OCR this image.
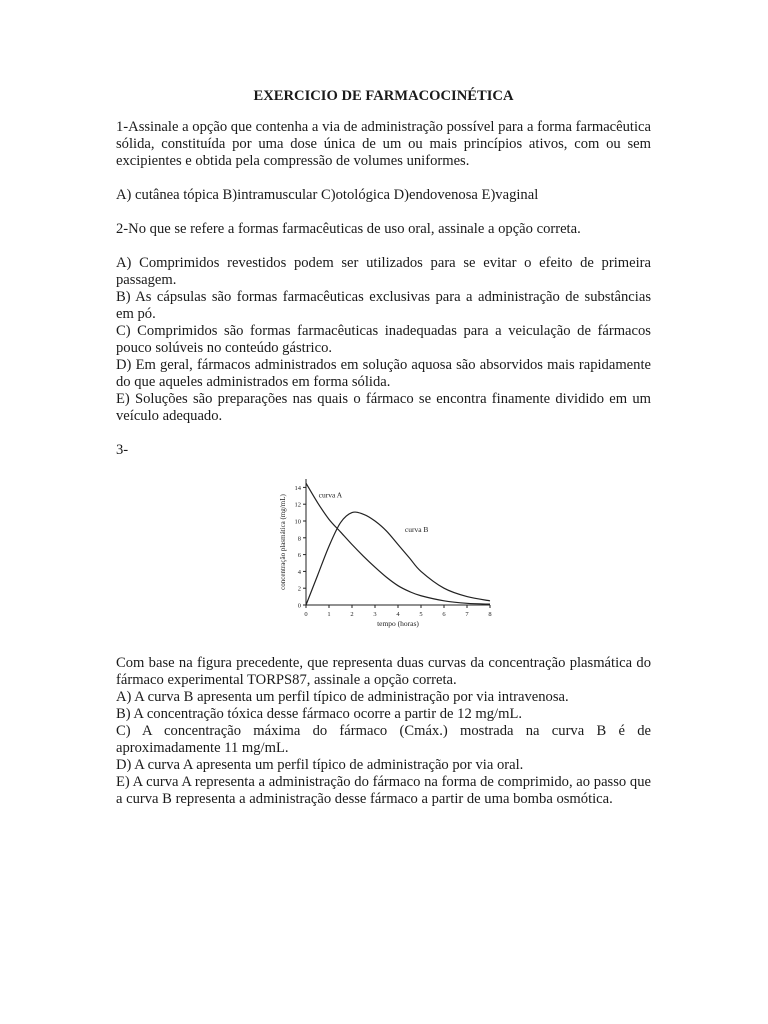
EXERCICIO DE FARMACOCINÉTICA

1-Assinale a opção que contenha a via de administração possível para a forma farmacêutica sólida, constituída por uma dose única de um ou mais princípios ativos, com ou sem excipientes e obtida pela compressão de volumes uniformes.

A) cutânea tópica B)intramuscular C)otológica D)endovenosa E)vaginal

2-No que se refere a formas farmacêuticas de uso oral, assinale a opção correta.

A) Comprimidos revestidos podem ser utilizados para se evitar o efeito de primeira passagem.

B) As cápsulas são formas farmacêuticas exclusivas para a administração de substâncias em pó.

C) Comprimidos são formas farmacêuticas inadequadas para a veiculação de fármacos pouco solúveis no conteúdo gástrico.

D) Em geral, fármacos administrados em solução aquosa são absorvidos mais rapidamente do que aqueles administrados em forma sólida.

E) Soluções são preparações nas quais o fármaco se encontra finamente dividido em um veículo adequado.

3-

0
2
4
6
8
10
12
14
0	1	2	3	4	5	6	7	8
tempo (horas)
concentração plasmática (mg/mL)	curva A
curva B

Com base na figura precedente, que representa duas curvas da concentração plasmática do fármaco experimental TORPS87, assinale a opção correta.

A) A curva B apresenta um perfil típico de administração por via intravenosa.

B) A concentração tóxica desse fármaco ocorre a partir de 12 mg/mL.

C) A concentração máxima do fármaco (Cmáx.) mostrada na curva B é de aproximadamente 11 mg/mL.

D) A curva A apresenta um perfil típico de administração por via oral.

E) A curva A representa a administração do fármaco na forma de comprimido, ao passo que a curva B representa a administração desse fármaco a partir de uma bomba osmótica.
